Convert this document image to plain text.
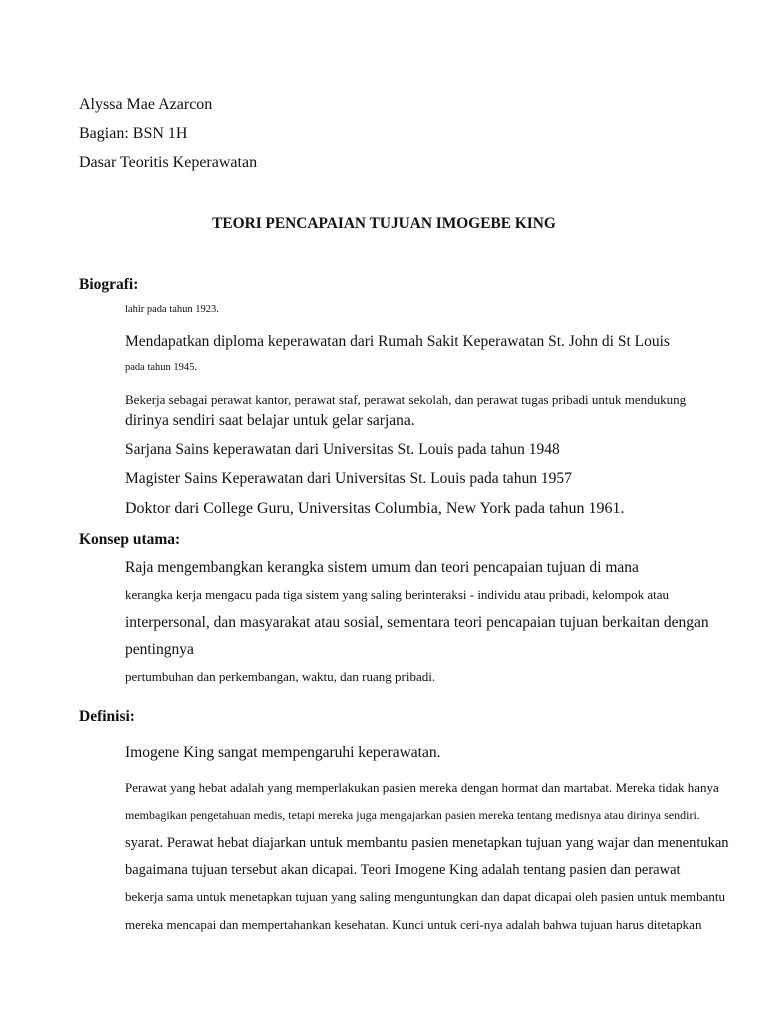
Alyssa Mae Azarcon
Bagian: BSN 1H
Dasar Teoritis Keperawatan
TEORI PENCAPAIAN TUJUAN IMOGEBE KING
Biografi:
lahir pada tahun 1923.
Mendapatkan diploma keperawatan dari Rumah Sakit Keperawatan St. John di St Louis
pada tahun 1945.
Bekerja sebagai perawat kantor, perawat staf, perawat sekolah, dan perawat tugas pribadi untuk mendukung
dirinya sendiri saat belajar untuk gelar sarjana.
Sarjana Sains keperawatan dari Universitas St. Louis pada tahun 1948
Magister Sains Keperawatan dari Universitas St. Louis pada tahun 1957
Doktor dari College Guru, Universitas Columbia, New York pada tahun 1961.
Konsep utama:
Raja mengembangkan kerangka sistem umum dan teori pencapaian tujuan di mana
kerangka kerja mengacu pada tiga sistem yang saling berinteraksi - individu atau pribadi, kelompok atau
interpersonal, dan masyarakat atau sosial, sementara teori pencapaian tujuan berkaitan dengan
pentingnya
pertumbuhan dan perkembangan, waktu, dan ruang pribadi.
Definisi:
Imogene King sangat mempengaruhi keperawatan.
Perawat yang hebat adalah yang memperlakukan pasien mereka dengan hormat dan martabat. Mereka tidak hanya
membagikan pengetahuan medis, tetapi mereka juga mengajarkan pasien mereka tentang medisnya atau dirinya sendiri.
syarat. Perawat hebat diajarkan untuk membantu pasien menetapkan tujuan yang wajar dan menentukan
bagaimana tujuan tersebut akan dicapai. Teori Imogene King adalah tentang pasien dan perawat
bekerja sama untuk menetapkan tujuan yang saling menguntungkan dan dapat dicapai oleh pasien untuk membantu
mereka mencapai dan mempertahankan kesehatan. Kunci untuk ceri-nya adalah bahwa tujuan harus ditetapkan
